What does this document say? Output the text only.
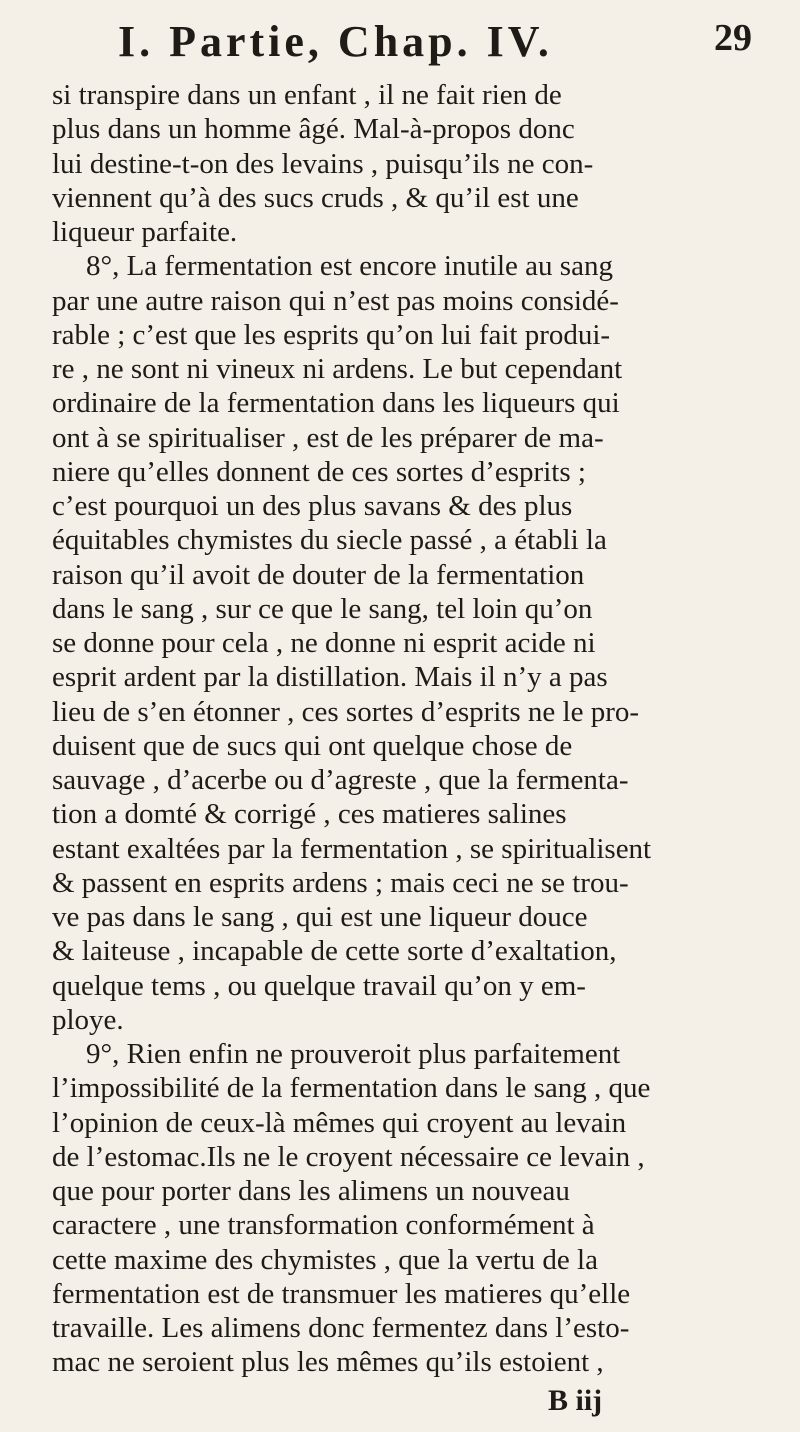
I. Partie, Chap. IV.	29
si transpire dans un enfant , il ne fait rien de
plus dans un homme âgé. Mal-à-propos donc
lui destine-t-on des levains , puisqu’ils ne con-
viennent qu’à des sucs cruds , & qu’il est une
liqueur parfaite.
8°, La fermentation est encore inutile au sang
par une autre raison qui n’est pas moins considé-
rable ; c’est que les esprits qu’on lui fait produi-
re , ne sont ni vineux ni ardens. Le but cependant
ordinaire de la fermentation dans les liqueurs qui
ont à se spiritualiser , est de les préparer de ma-
niere qu’elles donnent de ces sortes d’esprits ;
c’est pourquoi un des plus savans & des plus
équitables chymistes du siecle passé , a établi la
raison qu’il avoit de douter de la fermentation
dans le sang , sur ce que le sang, tel loin qu’on
se donne pour cela , ne donne ni esprit acide ni
esprit ardent par la distillation. Mais il n’y a pas
lieu de s’en étonner , ces sortes d’esprits ne le pro-
duisent que de sucs qui ont quelque chose de
sauvage , d’acerbe ou d’agreste , que la fermenta-
tion a domté & corrigé , ces matieres salines
estant exaltées par la fermentation , se spiritualisent
& passent en esprits ardens ; mais ceci ne se trou-
ve pas dans le sang , qui est une liqueur douce
& laiteuse , incapable de cette sorte d’exaltation,
quelque tems , ou quelque travail qu’on y em-
ploye.
9°, Rien enfin ne prouveroit plus parfaitement
l’impossibilité de la fermentation dans le sang , que
l’opinion de ceux-là mêmes qui croyent au levain
de l’estomac.Ils ne le croyent nécessaire ce levain ,
que pour porter dans les alimens un nouveau
caractere , une transformation conformément à
cette maxime des chymistes , que la vertu de la
fermentation est de transmuer les matieres qu’elle
travaille. Les alimens donc fermentez dans l’esto-
mac ne seroient plus les mêmes qu’ils estoient ,
B iij
